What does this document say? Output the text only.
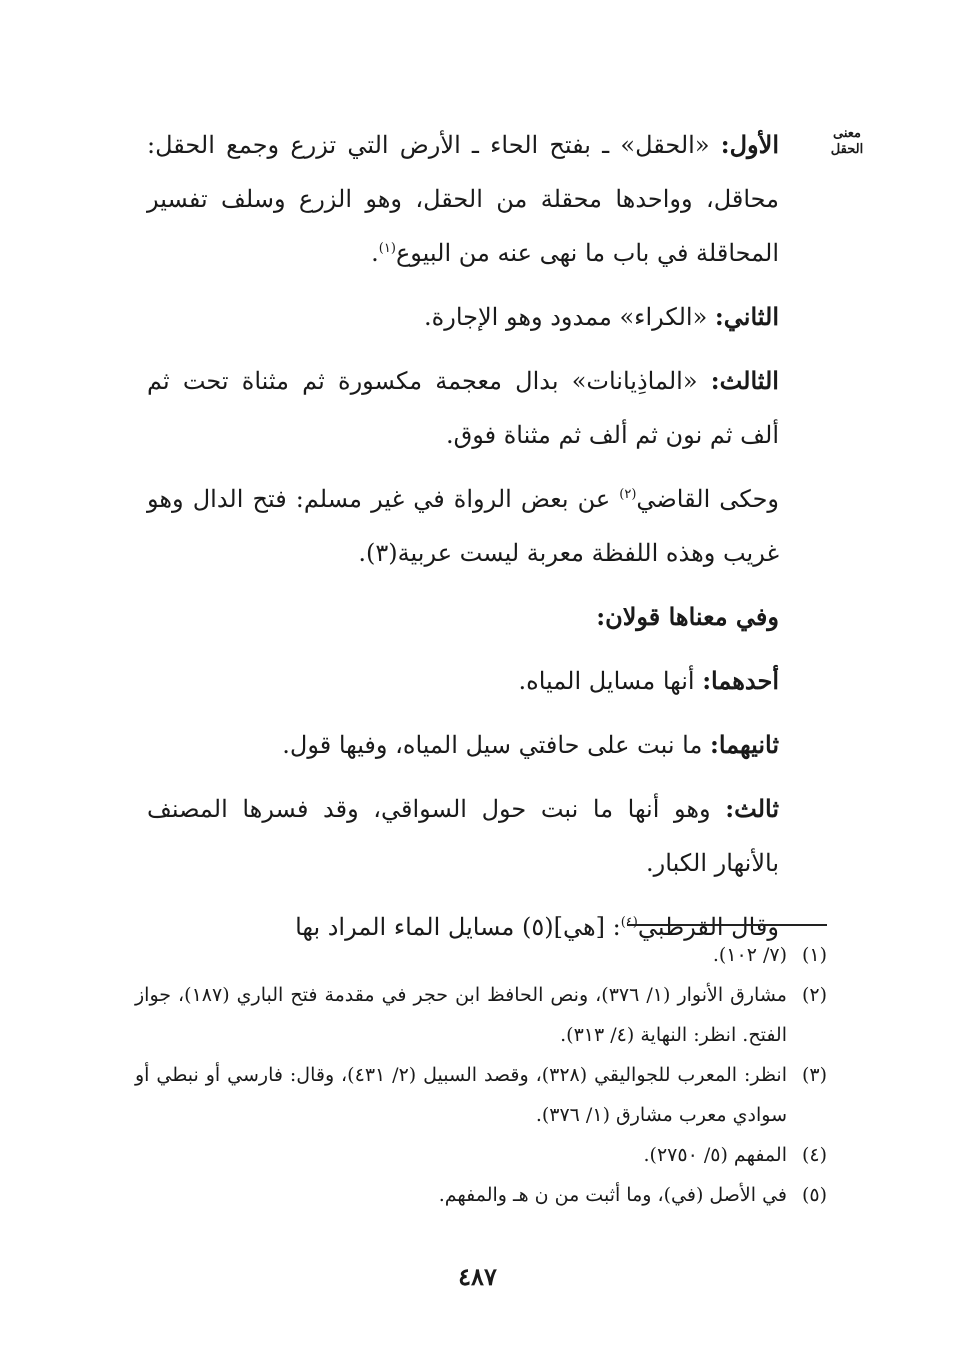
معنى الحقل

الأول: «الحقل» ـ بفتح الحاء ـ الأرض التي تزرع وجمع الحقل: محاقل، وواحدها محقلة من الحقل، وهو الزرع وسلف تفسير المحاقلة في باب ما نهى عنه من البيوع$^{(١)}$.

الثاني: «الكراء» ممدود وهو الإجارة.

الثالث: «الماذِيانات» بدال معجمة مكسورة ثم مثناة تحت ثم ألف ثم نون ثم ألف ثم مثناة فوق.

وحكى القاضي$^{(٢)}$ عن بعض الرواة في غير مسلم: فتح الدال وهو غريب وهذه اللفظة معربة ليست عربية(٣).

وفي معناها قولان:

أحدهما: أنها مسايل المياه.

ثانيهما: ما نبت على حافتي سيل المياه، وفيها قول.

ثالث: وهو أنها ما نبت حول السواقي، وقد فسرها المصنف بالأنهار الكبار.

وقال القرطبي$^{(٤)}$: [هي](٥) مسايل الماء المراد بها

(١)
(٧/ ١٠٢).
(٢)
مشارق الأنوار (١/ ٣٧٦)، ونص الحافظ ابن حجر في مقدمة فتح الباري (١٨٧)، جواز الفتح. انظر: النهاية (٤/ ٣١٣).
(٣)
انظر: المعرب للجواليقي (٣٢٨)، وقصد السبيل (٢/ ٤٣١)، وقال: فارسي أو نبطي أو سوادي معرب مشارق (١/ ٣٧٦).
(٤)
المفهم (٥/ ٢٧٥٠).
(٥)
في الأصل (في)، وما أثبت من ن هـ والمفهم.
٤٨٧
